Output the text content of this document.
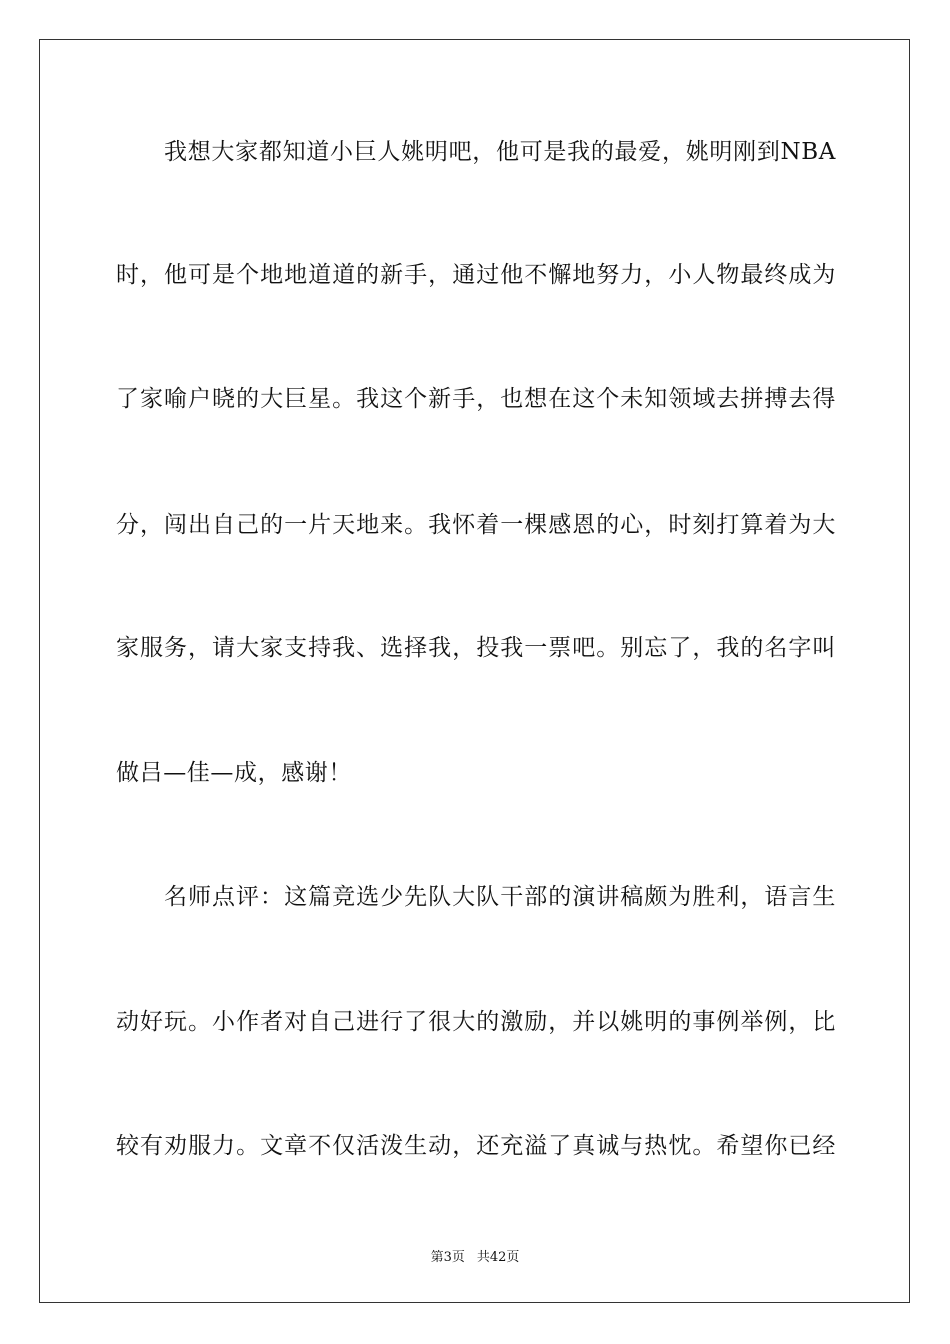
我想大家都知道小巨人姚明吧，他可是我的最爱，姚明刚到NBA
时，他可是个地地道道的新手，通过他不懈地努力，小人物最终成为
了家喻户晓的大巨星。我这个新手，也想在这个未知领域去拼搏去得
分，闯出自己的一片天地来。我怀着一棵感恩的心，时刻打算着为大
家服务，请大家支持我、选择我，投我一票吧。别忘了，我的名字叫
做吕—佳—成，感谢！
名师点评：这篇竞选少先队大队干部的演讲稿颇为胜利，语言生
动好玩。小作者对自己进行了很大的激励，并以姚明的事例举例，比
较有劝服力。文章不仅活泼生动，还充溢了真诚与热忱。希望你已经
第3页 共42页
